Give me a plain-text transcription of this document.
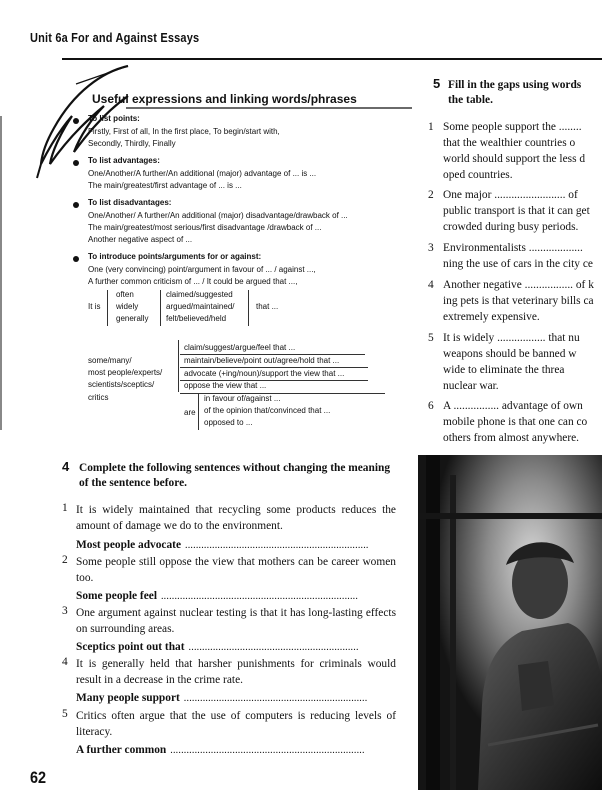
Unit 6a For and Against Essays
Useful expressions and linking words/phrases
To list points:
Firstly, First of all, In the first place, To begin/start with,
Secondly, Thirdly, Finally
To list advantages:
One/Another/A further/An additional (major) advantage of ... is ...
The main/greatest/first advantage of ... is ...
To list disadvantages:
One/Another/ A further/An additional (major) disadvantage/drawback of ...
The main/greatest/most serious/first disadvantage /drawback of ...
Another negative aspect of ...
To introduce points/arguments for or against:
One (very convincing) point/argument in favour of ... / against ...,
A further common criticism of ... / It could be argued that ...,
It is
often
widely
generally
claimed/suggested
argued/maintained/
felt/believed/held
that ...
some/many/
most people/experts/
scientists/sceptics/
critics
claim/suggest/argue/feel that ...
maintain/believe/point out/agree/hold that ...
advocate (+ing/noun)/support the view that ...
oppose the view that ...
are
in favour of/against ...
of the opinion that/convinced that ...
opposed to ...
4 Complete the following sentences without changing the meaning of the sentence before.
1 It is widely maintained that recycling some products reduces the amount of damage we do to the environment.
Most people advocate ....................................................................
2 Some people still oppose the view that mothers can be career women too.
Some people feel .........................................................................
3 One argument against nuclear testing is that it has long-lasting effects on surrounding areas.
Sceptics point out that ...............................................................
4 It is generally held that harsher punishments for criminals would result in a decrease in the crime rate.
Many people support ....................................................................
5 Critics often argue that the use of computers is reducing levels of literacy.
A further common ........................................................................
5 Fill in the gaps using words
the table.
1 Some people support the ........
that the wealthier countries o
world should support the less d
oped countries.
2 One major ......................... of
public transport is that it can get
crowded during busy periods.
3 Environmentalists ...................
ning the use of cars in the city ce
4 Another negative ................. of k
ing pets is that veterinary bills ca
extremely expensive.
5 It is widely ................. that nu
weapons should be banned w
wide to eliminate the threa
nuclear war.
6 A ................ advantage of own
mobile phone is that one can co
others from almost anywhere.
62
